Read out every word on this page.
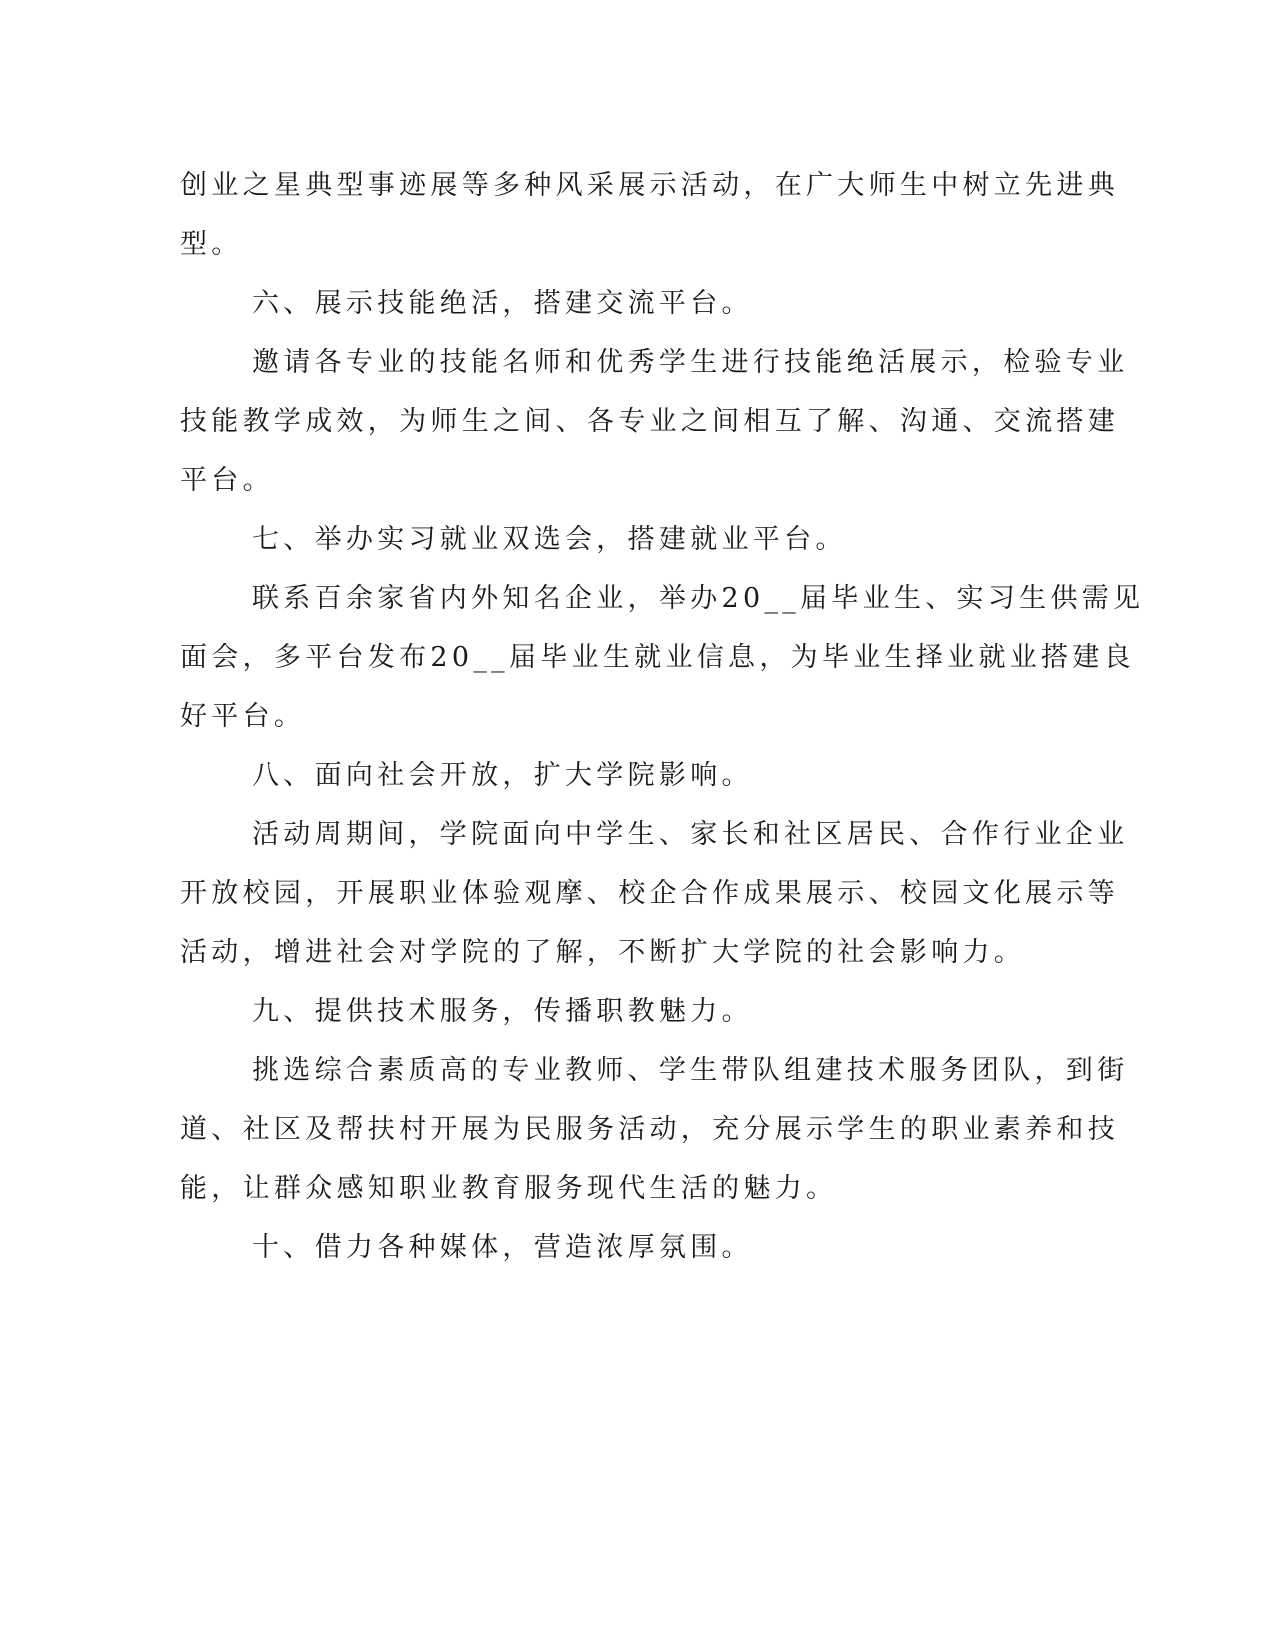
创业之星典型事迹展等多种风采展示活动，在广大师生中树立先进典
型。
六、展示技能绝活，搭建交流平台。
邀请各专业的技能名师和优秀学生进行技能绝活展示，检验专业
技能教学成效，为师生之间、各专业之间相互了解、沟通、交流搭建
平台。
七、举办实习就业双选会，搭建就业平台。
联系百余家省内外知名企业，举办20__届毕业生、实习生供需见
面会，多平台发布20__届毕业生就业信息，为毕业生择业就业搭建良
好平台。
八、面向社会开放，扩大学院影响。
活动周期间，学院面向中学生、家长和社区居民、合作行业企业
开放校园，开展职业体验观摩、校企合作成果展示、校园文化展示等
活动，增进社会对学院的了解，不断扩大学院的社会影响力。
九、提供技术服务，传播职教魅力。
挑选综合素质高的专业教师、学生带队组建技术服务团队，到街
道、社区及帮扶村开展为民服务活动，充分展示学生的职业素养和技
能，让群众感知职业教育服务现代生活的魅力。
十、借力各种媒体，营造浓厚氛围。
